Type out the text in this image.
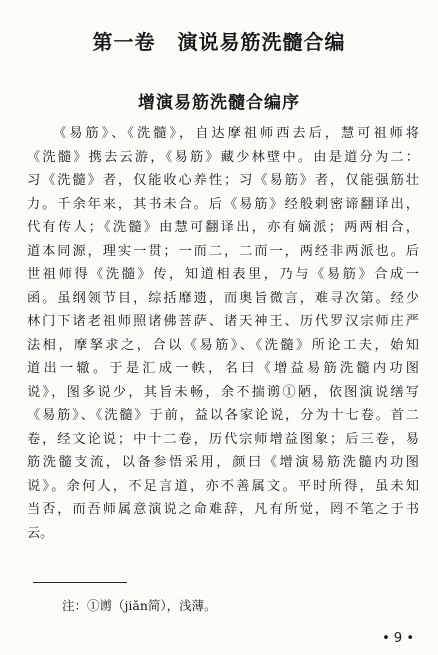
第一卷 演说易筋洗髓合编
增演易筋洗髓合编序
《易筋》、《洗髓》，自达摩祖师西去后，慧可祖师将
《洗髓》携去云游，《易筋》藏少林壁中。由是道分为二：
习《洗髓》者，仅能收心养性；习《易筋》者，仅能强筋壮
力。千余年来，其书未合。后《易筋》经般剌密谛翻译出，
代有传人；《洗髓》由慧可翻译出，亦有嫡派；两两相合，
道本同源，理实一贯；一而二，二而一，两经非两派也。后
世祖师得《洗髓》传，知道相表里，乃与《易筋》合成一
函。虽纲领节目，综括靡遗，而奥旨微言，难寻次第。经少
林门下诸老祖师照诸佛菩萨、诸天神王、历代罗汉宗师庄严
法相，摩拏求之，合以《易筋》、《洗髓》所论工夫，始知
道出一辙。于是汇成一帙，名曰《增益易筋洗髓内功图
说》，图多说少，其旨未畅，余不揣谫①陋，依图演说缮写
《易筋》、《洗髓》于前，益以各家论说，分为十七卷。首二
卷，经文论说；中十二卷，历代宗师增益图象；后三卷，易
筋洗髓支流，以备参悟采用，颜曰《增演易筋洗髓内功图
说》。余何人，不足言道，亦不善属文。平时所得，虽未知
当否，而吾师属意演说之命难辞，凡有所觉，罔不笔之于书
云。
注：①谫（jiǎn简），浅薄。
• 9 •
